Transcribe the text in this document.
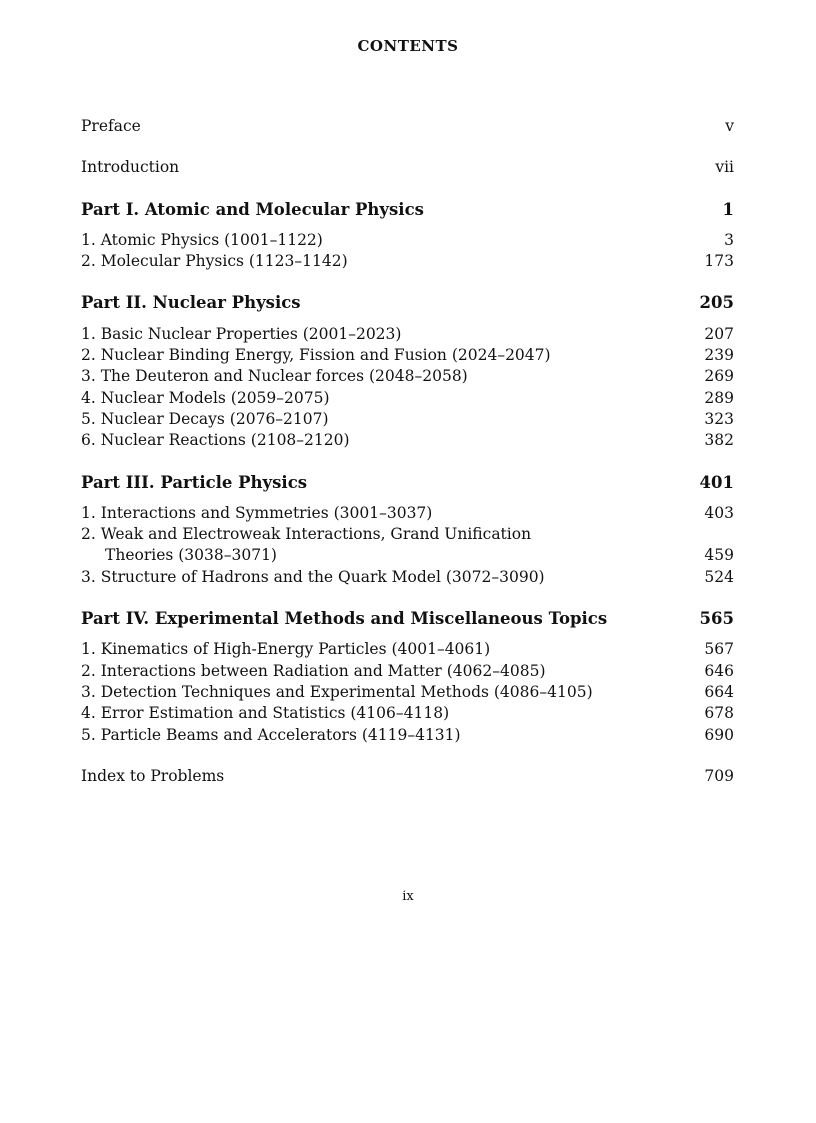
CONTENTS
Preface	v
Introduction	vii
Part I. Atomic and Molecular Physics	1
1. Atomic Physics (1001–1122)	3
2. Molecular Physics (1123–1142)	173
Part II. Nuclear Physics	205
1. Basic Nuclear Properties (2001–2023)	207
2. Nuclear Binding Energy, Fission and Fusion (2024–2047)	239
3. The Deuteron and Nuclear forces (2048–2058)	269
4. Nuclear Models (2059–2075)	289
5. Nuclear Decays (2076–2107)	323
6. Nuclear Reactions (2108–2120)	382
Part III. Particle Physics	401
1. Interactions and Symmetries (3001–3037)	403
2. Weak and Electroweak Interactions, Grand Unification
Theories (3038–3071)	459
3. Structure of Hadrons and the Quark Model (3072–3090)	524
Part IV. Experimental Methods and Miscellaneous Topics	565
1. Kinematics of High-Energy Particles (4001–4061)	567
2. Interactions between Radiation and Matter (4062–4085)	646
3. Detection Techniques and Experimental Methods (4086–4105)	664
4. Error Estimation and Statistics (4106–4118)	678
5. Particle Beams and Accelerators (4119–4131)	690
Index to Problems	709
ix
